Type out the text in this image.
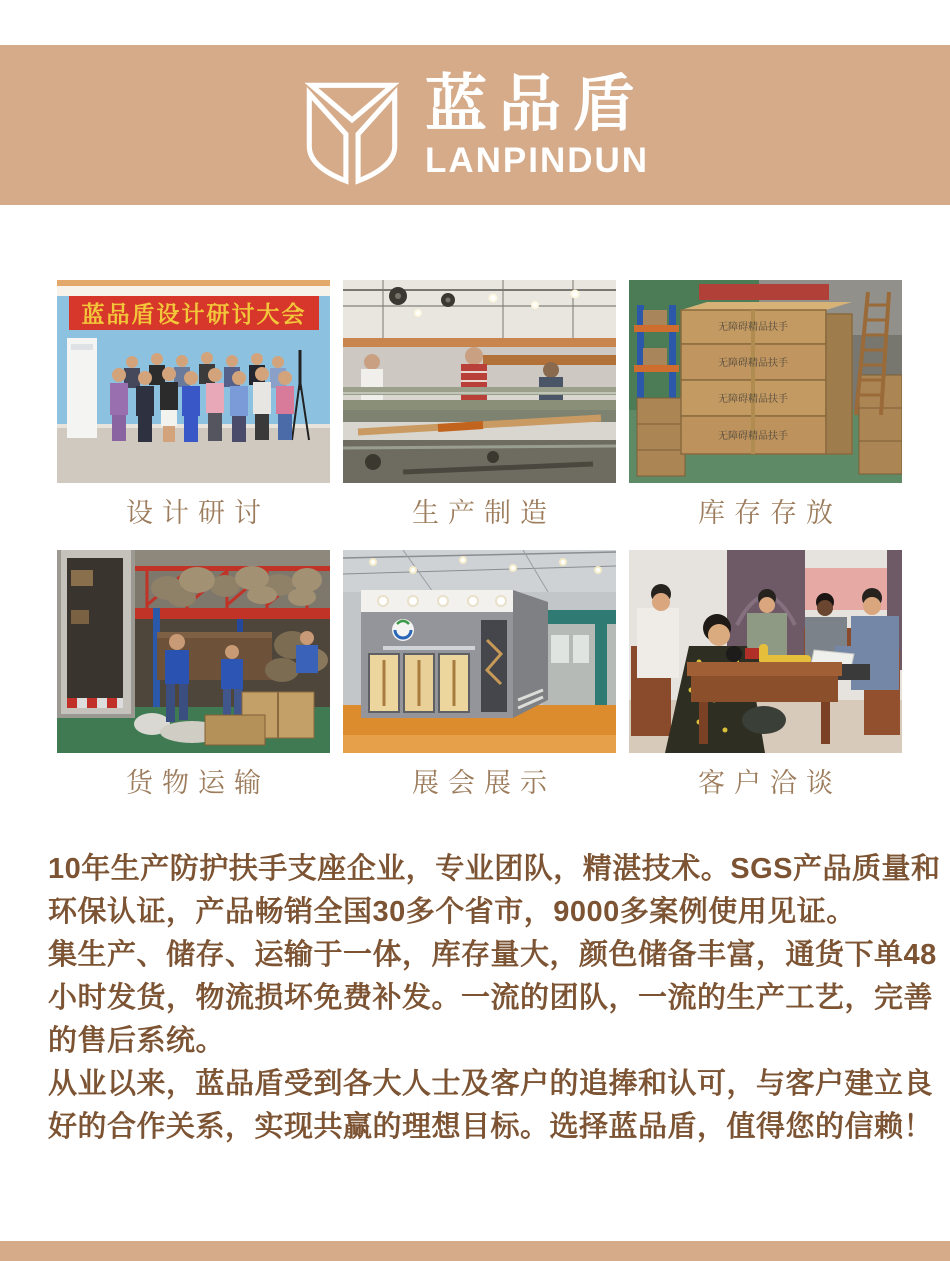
蓝品盾
LANPINDUN
蓝品盾设计研讨大会
设计研讨	生产制造
无障碍精品扶手
无障碍精品扶手
无障碍精品扶手
无障碍精品扶手
库存存放
货物运输	展会展示	客户洽谈
10年生产防护扶手支座企业，专业团队，精湛技术。SGS产品质量和
环保认证，产品畅销全国30多个省市，9000多案例使用见证。
集生产、储存、运输于一体，库存量大，颜色储备丰富，通货下单48
小时发货，物流损坏免费补发。一流的团队，一流的生产工艺，完善
的售后系统。
从业以来，蓝品盾受到各大人士及客户的追捧和认可，与客户建立良
好的合作关系，实现共赢的理想目标。选择蓝品盾，值得您的信赖！
